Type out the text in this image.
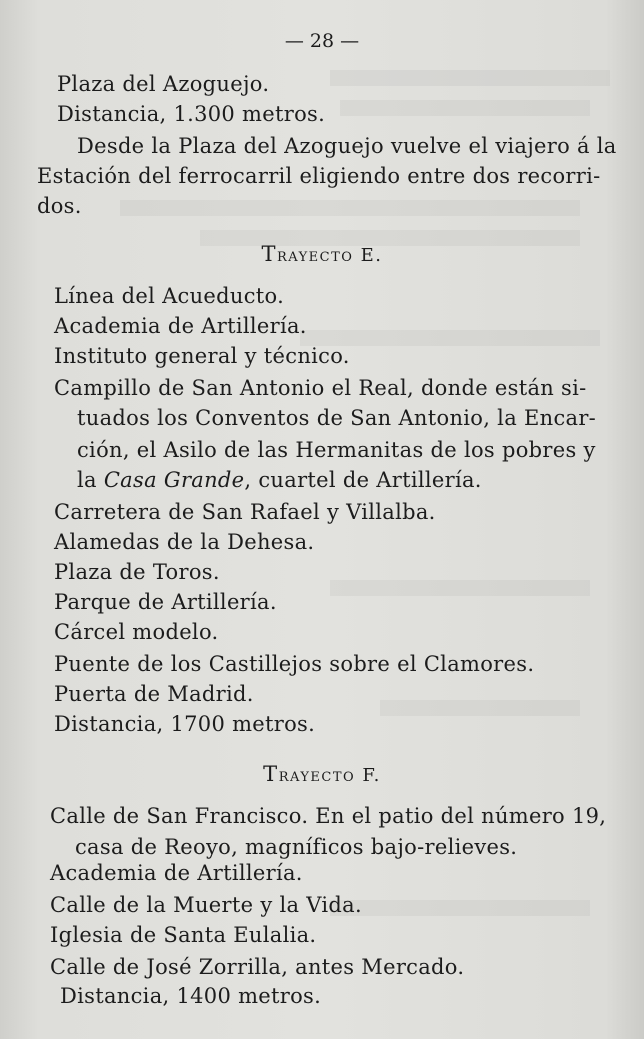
— 28 —
Plaza del Azoguejo.
Distancia, 1.300 metros.
Desde la Plaza del Azoguejo vuelve el viajero á la
Estación del ferrocarril eligiendo entre dos recorri-
dos.
Trayecto E.
Línea del Acueducto.
Academia de Artillería.
Instituto general y técnico.
Campillo de San Antonio el Real, donde están si-
tuados los Conventos de San Antonio, la Encar-
ción, el Asilo de las Hermanitas de los pobres y
la Casa Grande, cuartel de Artillería.
Carretera de San Rafael y Villalba.
Alamedas de la Dehesa.
Plaza de Toros.
Parque de Artillería.
Cárcel modelo.
Puente de los Castillejos sobre el Clamores.
Puerta de Madrid.
Distancia, 1700 metros.
Trayecto F.
Calle de San Francisco. En el patio del número 19,
casa de Reoyo, magníficos bajo-relieves.
Academia de Artillería.
Calle de la Muerte y la Vida.
Iglesia de Santa Eulalia.
Calle de José Zorrilla, antes Mercado.
Distancia, 1400 metros.
